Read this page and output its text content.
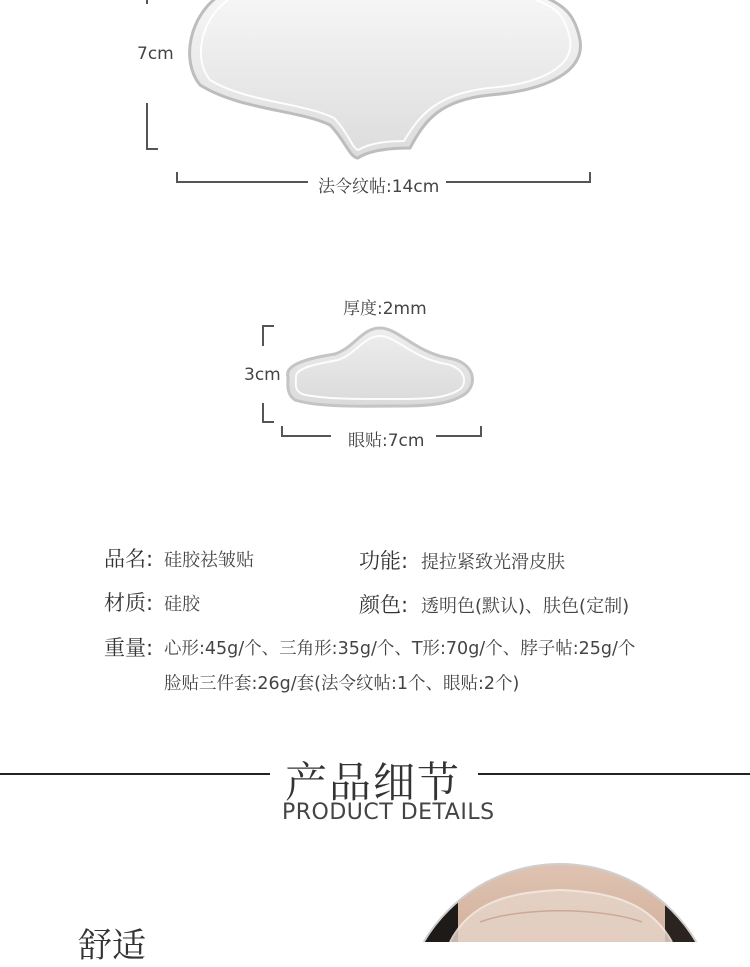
7cm
法令纹帖:14cm
厚度:2mm
3cm
眼贴:7cm
品名: 硅胶祛皱贴	功能: 提拉紧致光滑皮肤
材质: 硅胶	颜色: 透明色(默认)、肤色(定制)
重量: 心形:45g/个、三角形:35g/个、T形:70g/个、脖子帖:25g/个
脸贴三件套:26g/套(法令纹帖:1个、眼贴:2个)
产品细节
PRODUCT DETAILS
舒适
